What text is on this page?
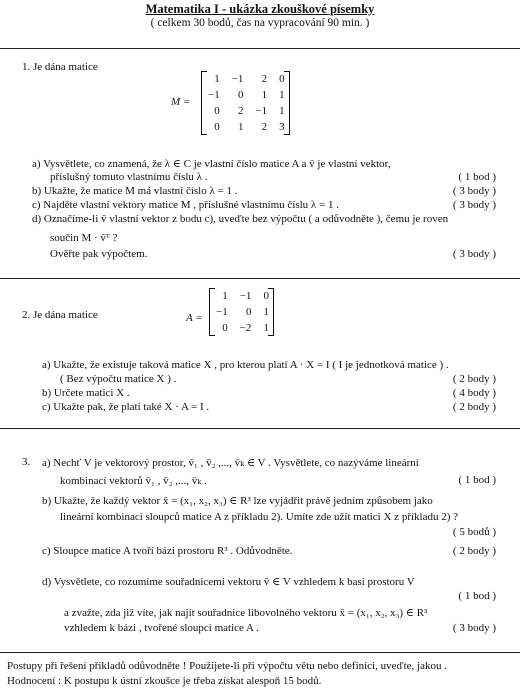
Matematika I - ukázka zkouškové písemky
( celkem 30 bodů, čas na vypracování 90 min. )
1. Je dána matice
M =
1	−1	2	0
−1	0	1	1
0	2	−1	1
0	1	2	3
a) Vysvětlete, co znamená, že λ ∈ C je vlastní číslo matice A a v̄ je vlastní vektor,
příslušný tomuto vlastnímu číslu λ .	( 1 bod )
b) Ukažte, že matice M má vlastní číslo λ = 1 .	( 3 body )
c) Najděte vlastní vektory matice M , příslušné vlastnímu číslu λ = 1 .	( 3 body )
d) Označíme-li v̄ vlastní vektor z bodu c), uveďte bez výpočtu ( a odůvodněte ), čemu je roven
součin M · v̄ᵀ ?
Ověřte pak výpočtem.	( 3 body )
2. Je dána matice	A =
1	−1	0
−1	0	1
0	−2	1
a) Ukažte, že existuje taková matice X , pro kterou platí A · X = I ( I je jednotková matice ) .
( Bez výpočtu matice X ) .	( 2 body )
b) Určete matici X .	( 4 body )
c) Ukažte pak, že platí také X · A = I .	( 2 body )
3. a) Nechť V je vektorový prostor, v̄₁ , v̄₂ ,..., v̄ₖ ∈ V . Vysvětlete, co nazýváme lineární
kombinací vektorů v̄₁ , v̄₂ ,..., v̄ₖ .	( 1 bod )
b) Ukažte, že každý vektor x̄ = (x₁, x₂, x₃) ∈ R³ lze vyjádřit právě jedním způsobem jako
lineární kombinaci sloupců matice A z příkladu 2). Umíte zde užít matici X z příkladu 2) ?
( 5 bodů )
c) Sloupce matice A tvoří bázi prostoru R³ . Odůvodněte.	( 2 body )
d) Vysvětlete, co rozumíme souřadnicemi vektoru v̄ ∈ V vzhledem k basi prostoru V
( 1 bod )
a zvažte, zda již víte, jak najít souřadnice libovolného vektoru x̄ = (x₁, x₂, x₃) ∈ R³
vzhledem k bázi , tvořené sloupci matice A .	( 3 body )
Postupy při řešení příkladů odůvodněte ! Použijete-li při výpočtu větu nebo definici, uveďte, jakou .
Hodnocení : K postupu k ústní zkoušce je třeba získat alespoň 15 bodů.
